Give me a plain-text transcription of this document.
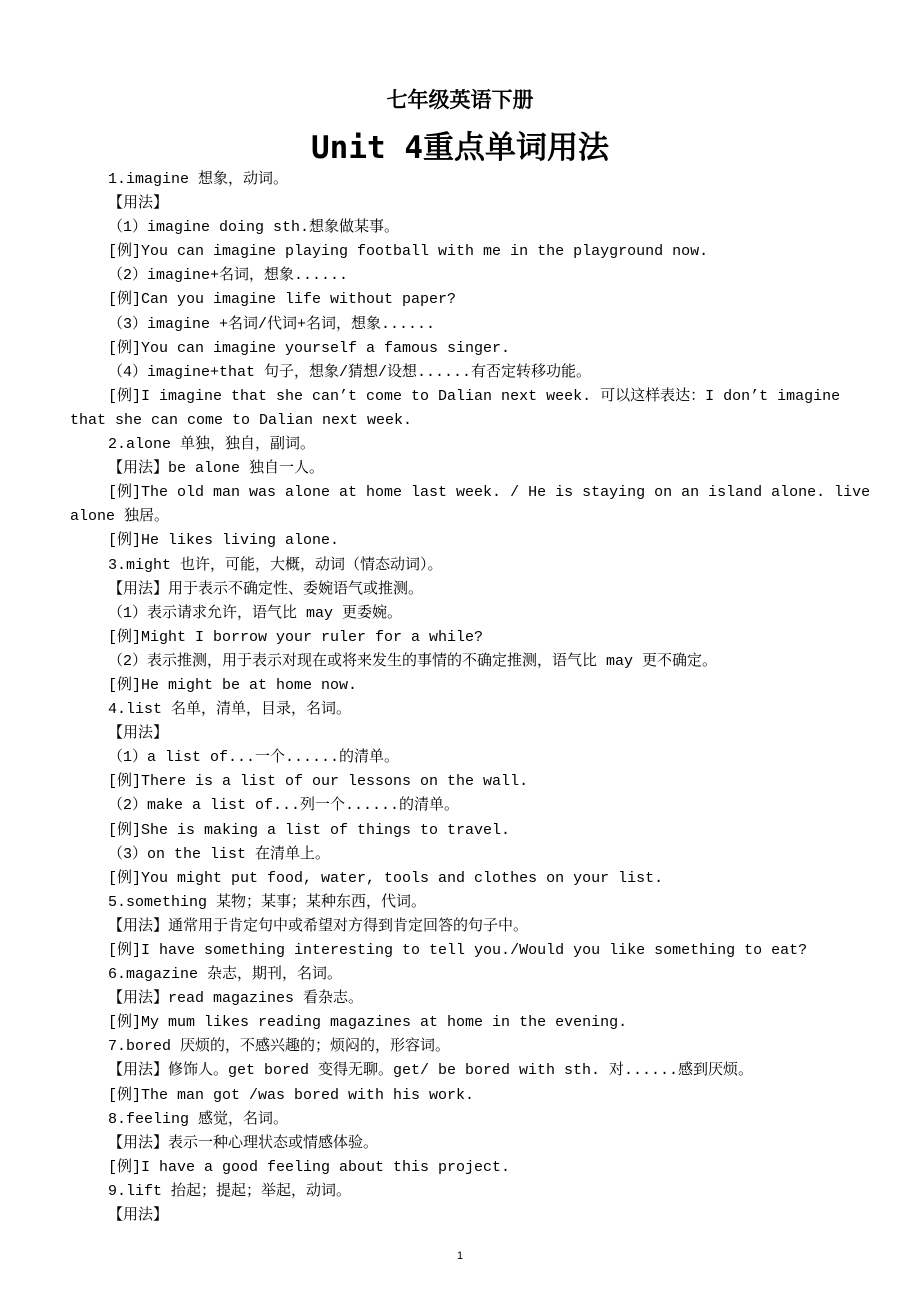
七年级英语下册
Unit 4重点单词用法
1.imagine 想象，动词。
【用法】
（1）imagine doing sth.想象做某事。
[例]You can imagine playing football with me in the playground now.
（2）imagine+名词，想象......
[例]Can you imagine life without paper?
（3）imagine +名词/代词+名词，想象......
[例]You can imagine yourself a famous singer.
（4）imagine+that 句子，想象/猜想/设想......有否定转移功能。
[例]I imagine that she can’t come to Dalian next week. 可以这样表达：I don’t imagine
that she can come to Dalian next week.
2.alone 单独，独自，副词。
【用法】be alone 独自一人。
[例]The old man was alone at home last week. / He is staying on an island alone. live
alone 独居。
[例]He likes living alone.
3.might 也许，可能，大概，动词（情态动词）。
【用法】用于表示不确定性、委婉语气或推测。
（1）表示请求允许，语气比 may 更委婉。
[例]Might I borrow your ruler for a while?
（2）表示推测，用于表示对现在或将来发生的事情的不确定推测，语气比 may 更不确定。
[例]He might be at home now.
4.list 名单，清单，目录，名词。
【用法】
（1）a list of...一个......的清单。
[例]There is a list of our lessons on the wall.
（2）make a list of...列一个......的清单。
[例]She is making a list of things to travel.
（3）on the list 在清单上。
[例]You might put food, water, tools and clothes on your list.
5.something 某物；某事；某种东西，代词。
【用法】通常用于肯定句中或希望对方得到肯定回答的句子中。
[例]I have something interesting to tell you./Would you like something to eat?
6.magazine 杂志，期刊，名词。
【用法】read magazines 看杂志。
[例]My mum likes reading magazines at home in the evening.
7.bored 厌烦的，不感兴趣的；烦闷的，形容词。
【用法】修饰人。get bored 变得无聊。get/ be bored with sth. 对......感到厌烦。
[例]The man got /was bored with his work.
8.feeling 感觉，名词。
【用法】表示一种心理状态或情感体验。
[例]I have a good feeling about this project.
9.lift 抬起；提起；举起，动词。
【用法】
1
